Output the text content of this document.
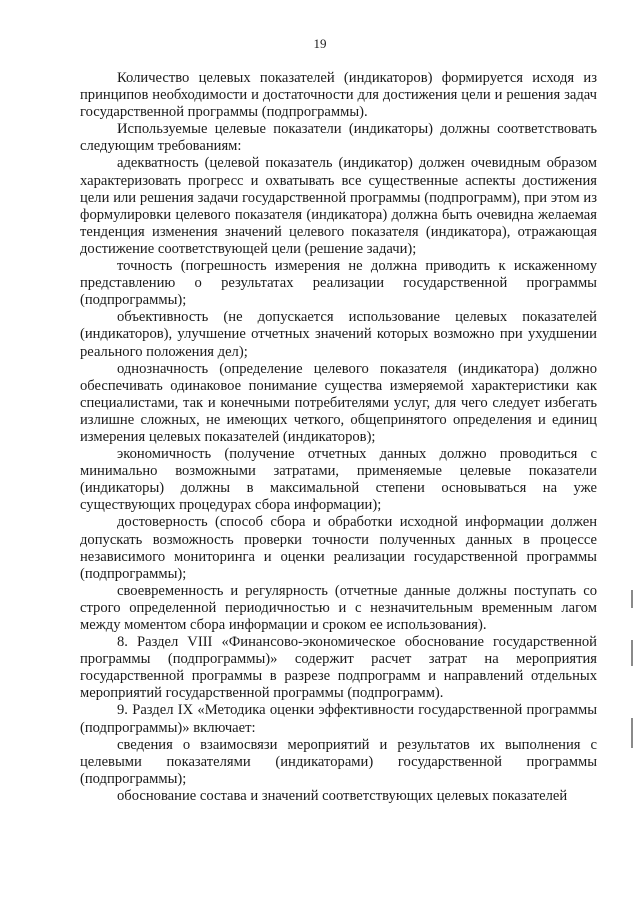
19

Количество целевых показателей (индикаторов) формируется исходя из принципов необходимости и достаточности для достижения цели и решения задач государственной программы (подпрограммы).

Используемые целевые показатели (индикаторы) должны соответствовать следующим требованиям:

адекватность (целевой показатель (индикатор) должен очевидным образом характеризовать прогресс и охватывать все существенные аспекты достижения цели или решения задачи государственной программы (подпрограмм), при этом из формулировки целевого показателя (индикатора) должна быть очевидна желаемая тенденция изменения значений целевого показателя (индикатора), отражающая достижение соответствующей цели (решение задачи);

точность (погрешность измерения не должна приводить к искаженному представлению о результатах реализации государственной программы (подпрограммы);

объективность (не допускается использование целевых показателей (индикаторов), улучшение отчетных значений которых возможно при ухудшении реального положения дел);

однозначность (определение целевого показателя (индикатора) должно обеспечивать одинаковое понимание существа измеряемой характеристики как специалистами, так и конечными потребителями услуг, для чего следует избегать излишне сложных, не имеющих четкого, общепринятого определения и единиц измерения целевых показателей (индикаторов);

экономичность (получение отчетных данных должно проводиться с минимально возможными затратами, применяемые целевые показатели (индикаторы) должны в максимальной степени основываться на уже существующих процедурах сбора информации);

достоверность (способ сбора и обработки исходной информации должен допускать возможность проверки точности полученных данных в процессе независимого мониторинга и оценки реализации государственной программы (подпрограммы);

своевременность и регулярность (отчетные данные должны поступать со строго определенной периодичностью и с незначительным временным лагом между моментом сбора информации и сроком ее использования).

8. Раздел VIII «Финансово-экономическое обоснование государственной программы (подпрограммы)» содержит расчет затрат на мероприятия государственной программы в разрезе подпрограмм и направлений отдельных мероприятий государственной программы (подпрограмм).

9. Раздел IX «Методика оценки эффективности государственной программы (подпрограммы)» включает:

сведения о взаимосвязи мероприятий и результатов их выполнения с целевыми показателями (индикаторами) государственной программы (подпрограммы);

обоснование состава и значений соответствующих целевых показателей
